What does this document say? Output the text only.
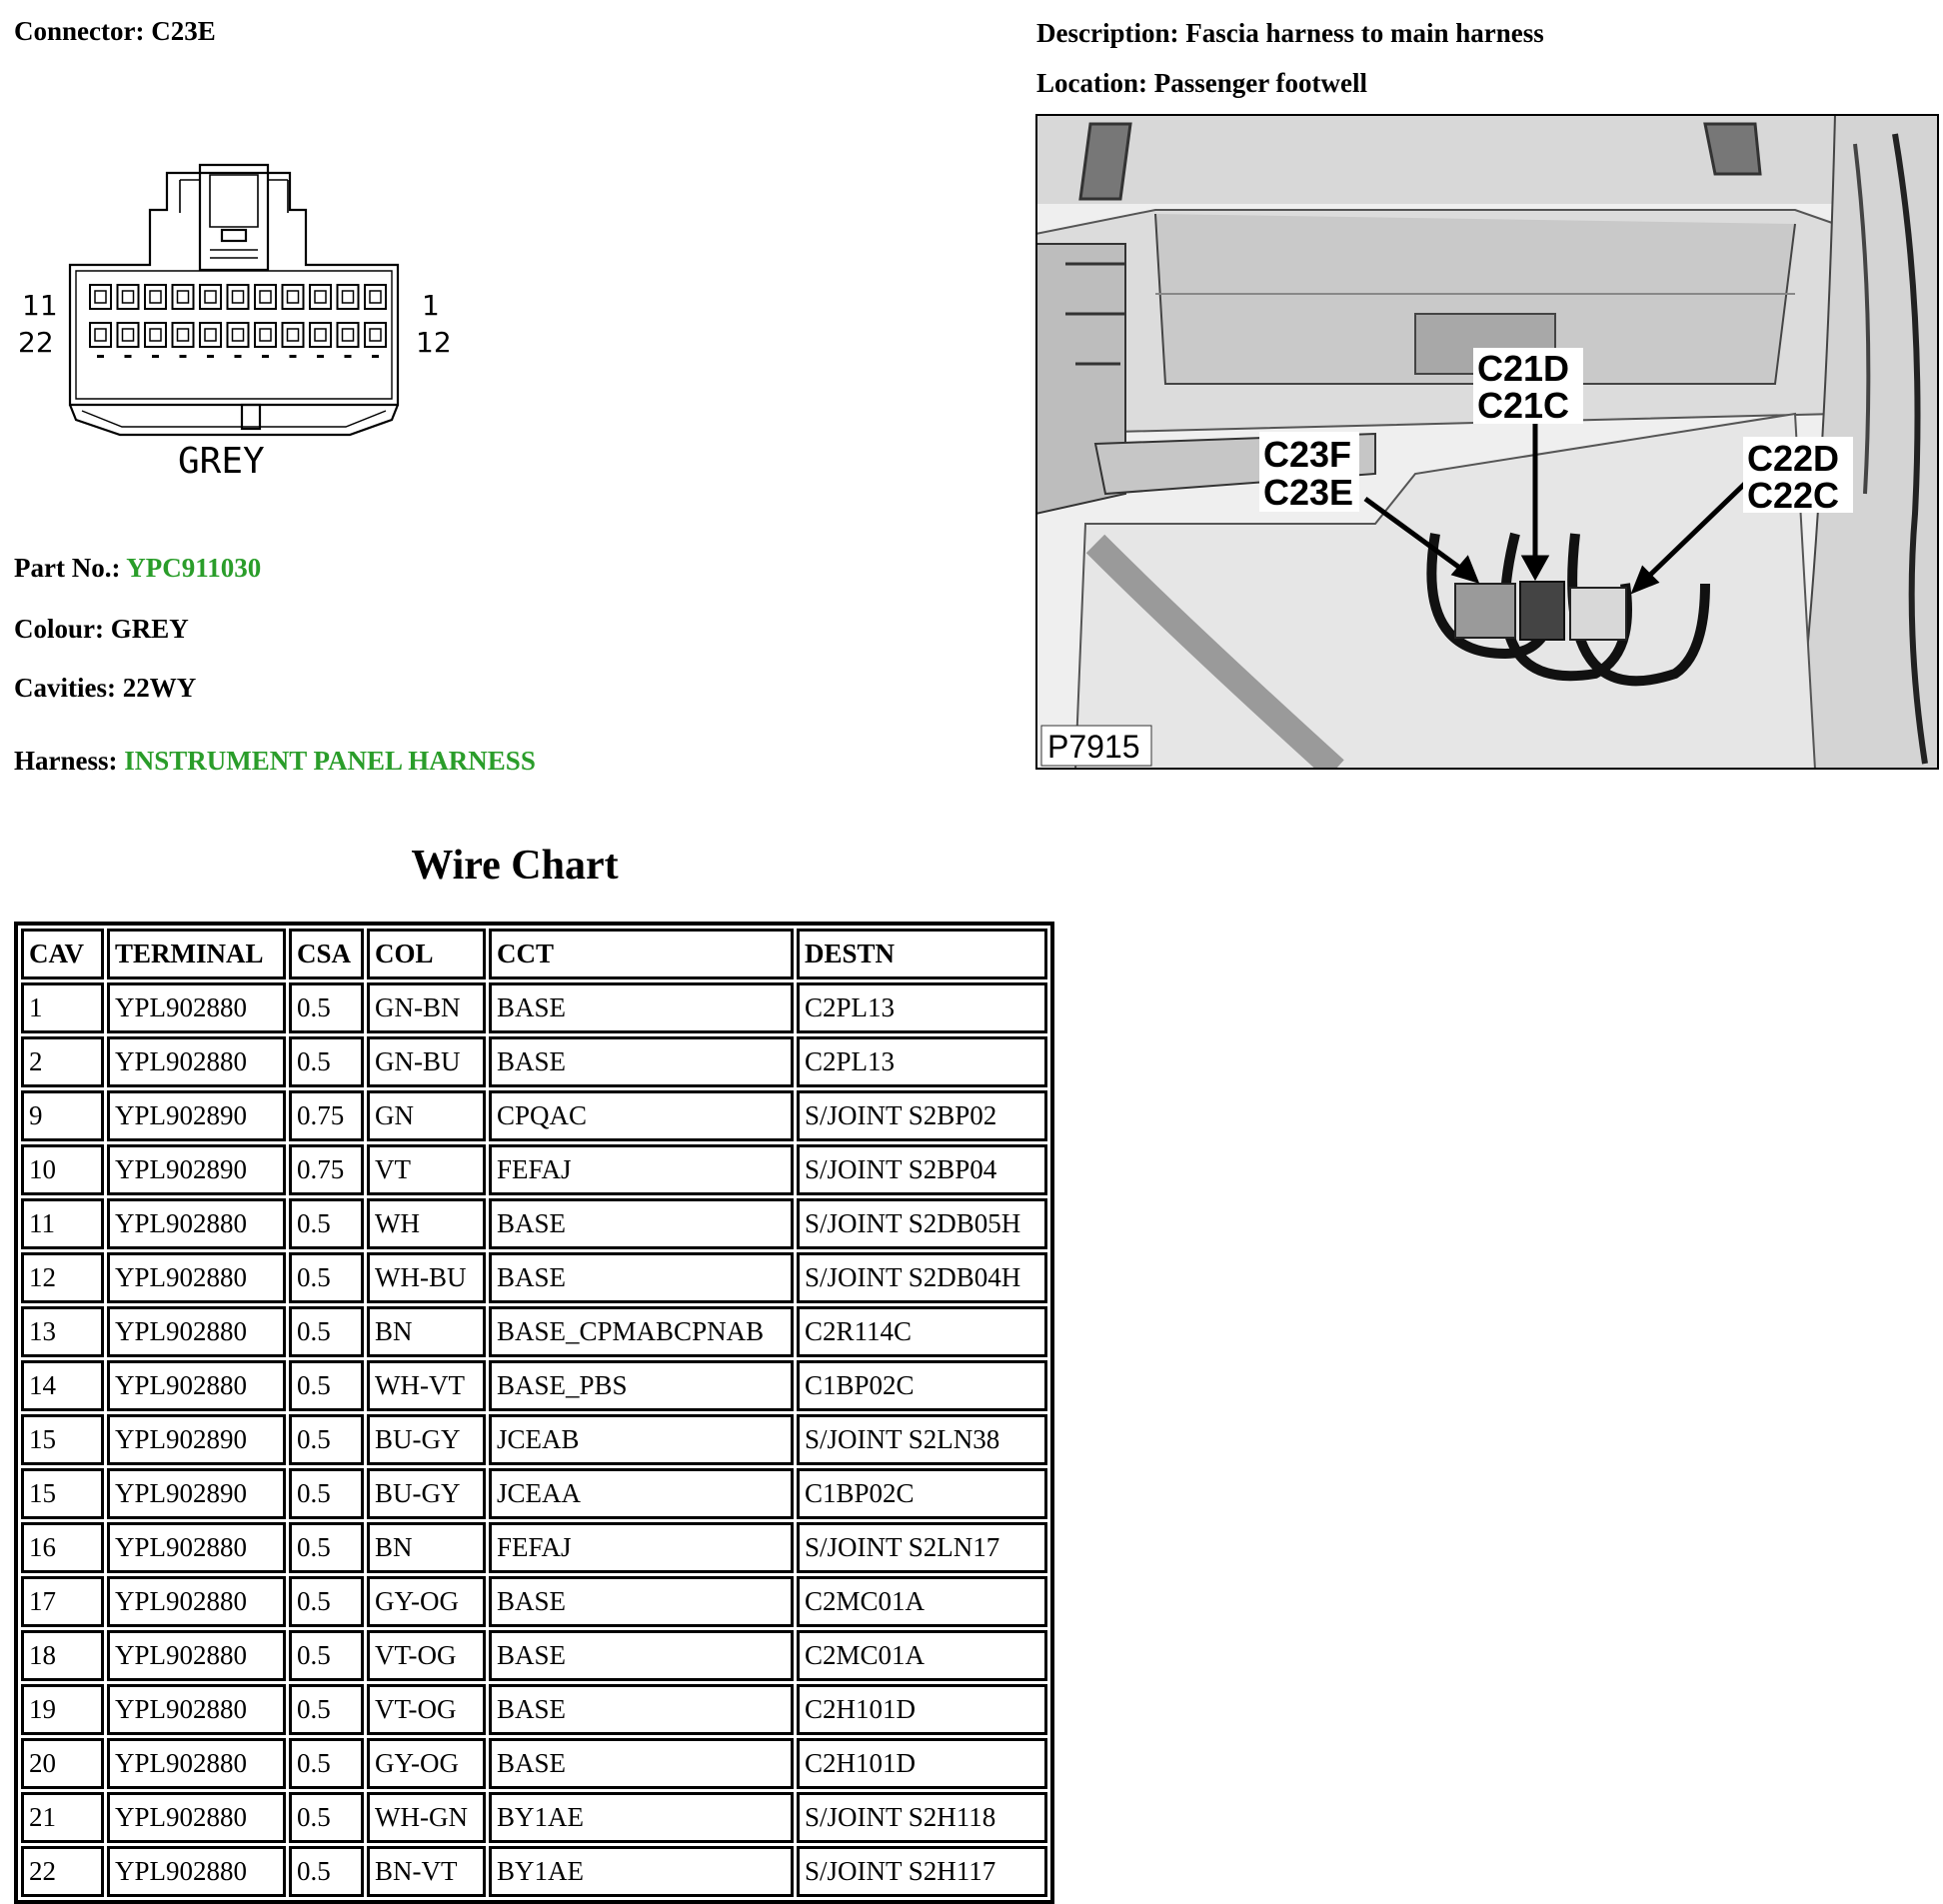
Connector: C23E	Description: Fascia harness to main harness
Location: Passenger footwell
11
22
1
12
GREY	C23F
C23E
C21D
C21C
C22D
C22C
P7915
Part No.: YPC911030
Colour: GREY
Cavities: 22WY
Harness: INSTRUMENT PANEL HARNESS
Wire Chart
CAV	TERMINAL	CSA	COL	CCT	DESTN
1	YPL902880	0.5	GN-BN	BASE	C2PL13
2	YPL902880	0.5	GN-BU	BASE	C2PL13
9	YPL902890	0.75	GN	CPQAC	S/JOINT S2BP02
10	YPL902890	0.75	VT	FEFAJ	S/JOINT S2BP04
11	YPL902880	0.5	WH	BASE	S/JOINT S2DB05H
12	YPL902880	0.5	WH-BU	BASE	S/JOINT S2DB04H
13	YPL902880	0.5	BN	BASE_CPMABCPNAB	C2R114C
14	YPL902880	0.5	WH-VT	BASE_PBS	C1BP02C
15	YPL902890	0.5	BU-GY	JCEAB	S/JOINT S2LN38
15	YPL902890	0.5	BU-GY	JCEAA	C1BP02C
16	YPL902880	0.5	BN	FEFAJ	S/JOINT S2LN17
17	YPL902880	0.5	GY-OG	BASE	C2MC01A
18	YPL902880	0.5	VT-OG	BASE	C2MC01A
19	YPL902880	0.5	VT-OG	BASE	C2H101D
20	YPL902880	0.5	GY-OG	BASE	C2H101D
21	YPL902880	0.5	WH-GN	BY1AE	S/JOINT S2H118
22	YPL902880	0.5	BN-VT	BY1AE	S/JOINT S2H117
